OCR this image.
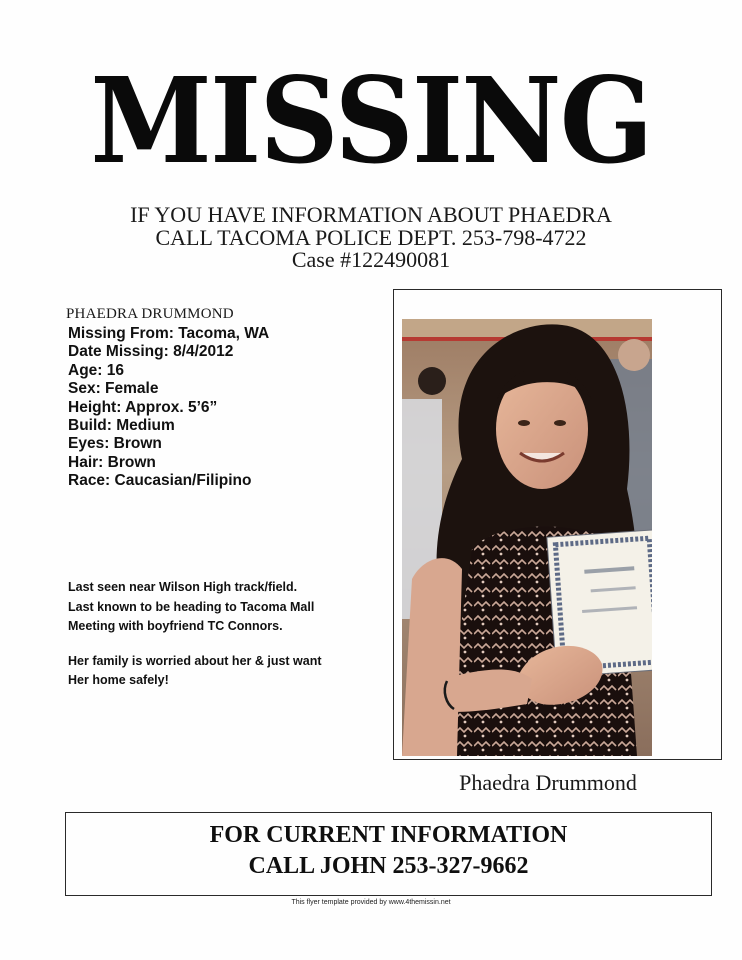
MISSING
IF YOU HAVE INFORMATION ABOUT PHAEDRA
CALL TACOMA POLICE DEPT. 253-798-4722
Case #122490081
PHAEDRA DRUMMOND
Missing From: Tacoma, WA
Date Missing: 8/4/2012
Age: 16
Sex: Female
Height: Approx. 5’6”
Build: Medium
Eyes: Brown
Hair: Brown
Race: Caucasian/Filipino
Last seen near Wilson High track/field.
Last known to be heading to Tacoma Mall
Meeting with boyfriend TC Connors.
Her family is worried about her & just want
Her home safely!
Phaedra Drummond
FOR CURRENT INFORMATION
CALL JOHN 253-327-9662
This flyer template provided by www.4themissin.net
